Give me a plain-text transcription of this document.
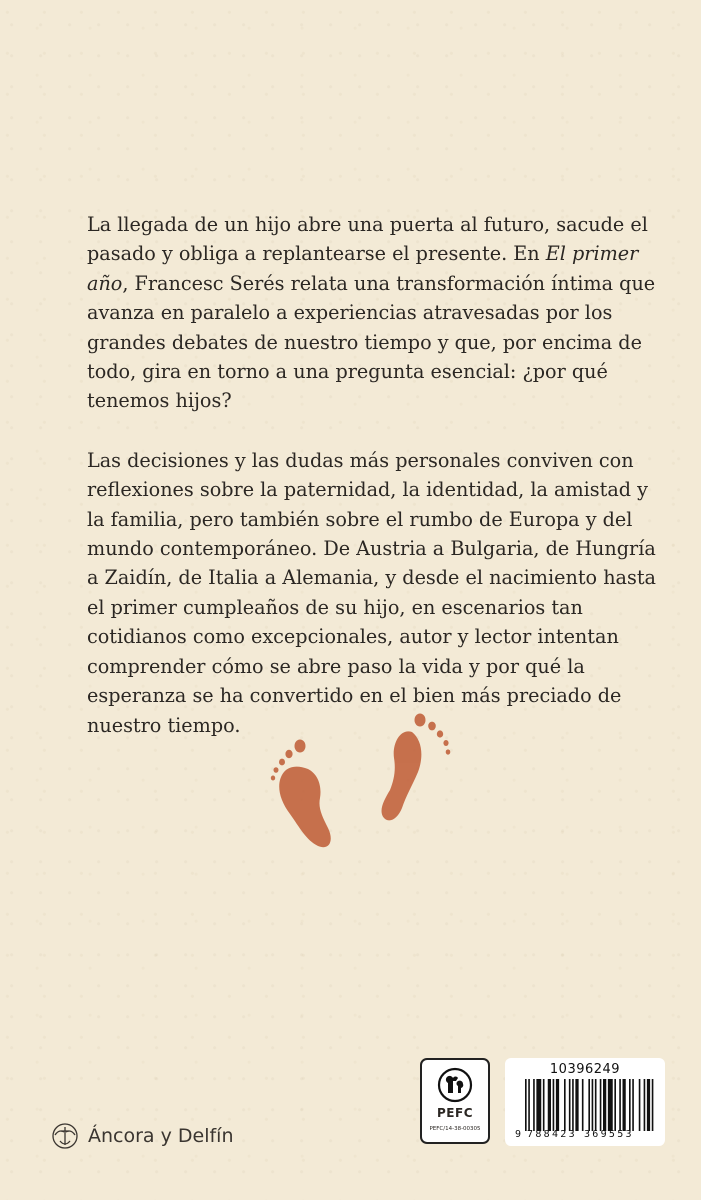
La llegada de un hijo abre una puerta al futuro, sacude el pasado y obliga a replantearse el presente. En El primer año, Francesc Serés relata una transformación íntima que avanza en paralelo a experiencias atravesadas por los grandes debates de nuestro tiempo y que, por encima de todo, gira en torno a una pregunta esencial: ¿por qué tenemos hijos?

Las decisiones y las dudas más personales conviven con reflexiones sobre la paternidad, la identidad, la amistad y la familia, pero también sobre el rumbo de Europa y del mundo contemporáneo. De Austria a Bulgaria, de Hungría a Zaidín, de Italia a Alemania, y desde el nacimiento hasta el primer cumpleaños de su hijo, en escenarios tan cotidianos como excepcionales, autor y lector intentan comprender cómo se abre paso la vida y por qué la esperanza se ha convertido en el bien más preciado de nuestro tiempo.

Áncora y Delfín
PEFC
PEFC/14-38-00305
10396249
9 788423 369553
